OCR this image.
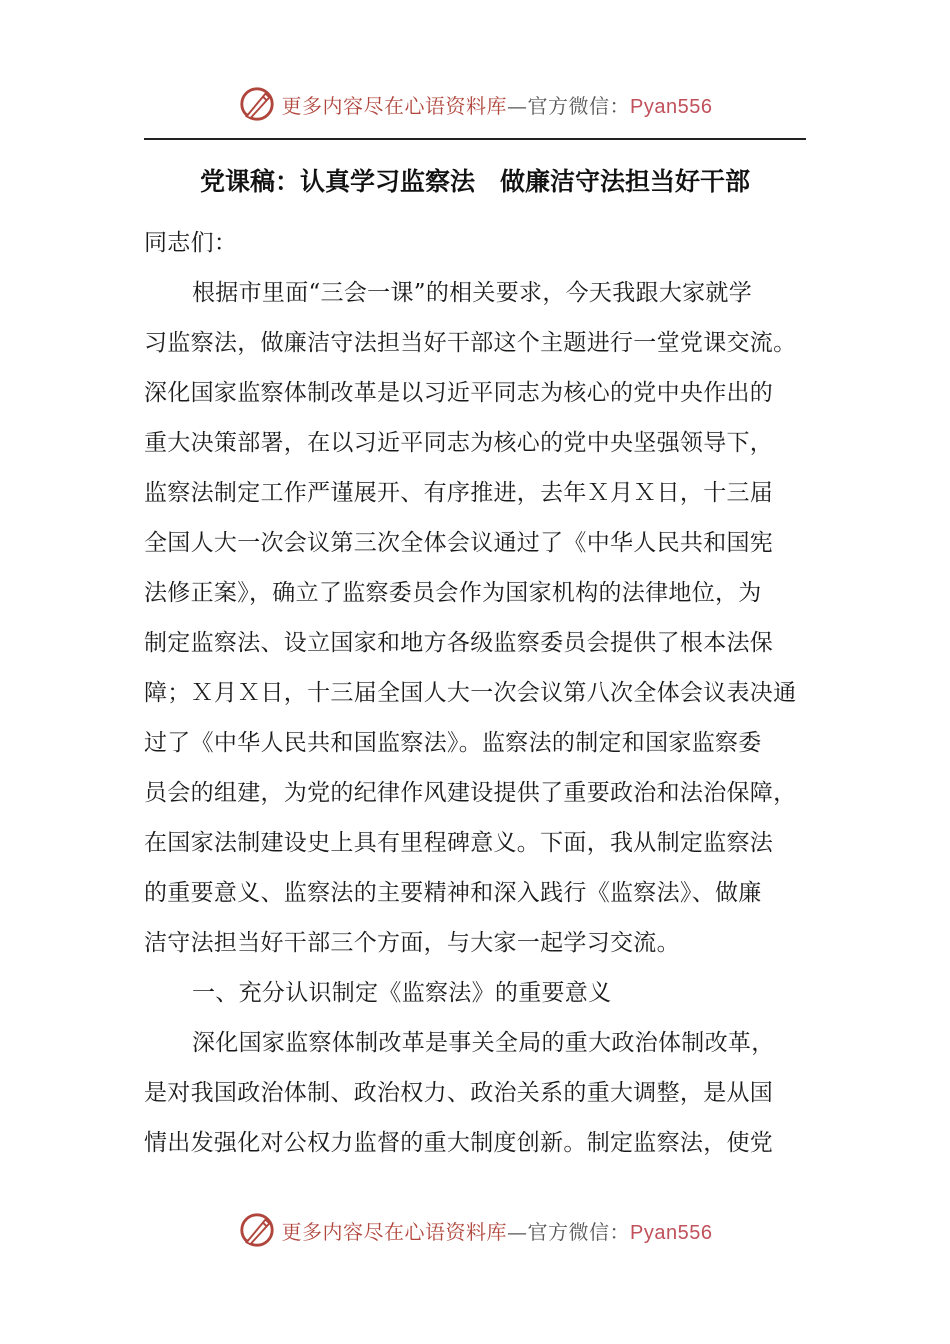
更多内容尽在心语资料库—官方微信：Pyan556
党课稿：认真学习监察法　做廉洁守法担当好干部
同志们：
根据市里面“三会一课”的相关要求，今天我跟大家就学
习监察法，做廉洁守法担当好干部这个主题进行一堂党课交流。
深化国家监察体制改革是以习近平同志为核心的党中央作出的
重大决策部署，在以习近平同志为核心的党中央坚强领导下，
监察法制定工作严谨展开、有序推进，去年Ｘ月Ｘ日，十三届
全国人大一次会议第三次全体会议通过了《中华人民共和国宪
法修正案》，确立了监察委员会作为国家机构的法律地位，为
制定监察法、设立国家和地方各级监察委员会提供了根本法保
障；Ｘ月Ｘ日，十三届全国人大一次会议第八次全体会议表决通
过了《中华人民共和国监察法》。监察法的制定和国家监察委
员会的组建，为党的纪律作风建设提供了重要政治和法治保障，
在国家法制建设史上具有里程碑意义。下面，我从制定监察法
的重要意义、监察法的主要精神和深入践行《监察法》、做廉
洁守法担当好干部三个方面，与大家一起学习交流。
一、充分认识制定《监察法》的重要意义
深化国家监察体制改革是事关全局的重大政治体制改革，
是对我国政治体制、政治权力、政治关系的重大调整，是从国
情出发强化对公权力监督的重大制度创新。制定监察法，使党
更多内容尽在心语资料库—官方微信：Pyan556
